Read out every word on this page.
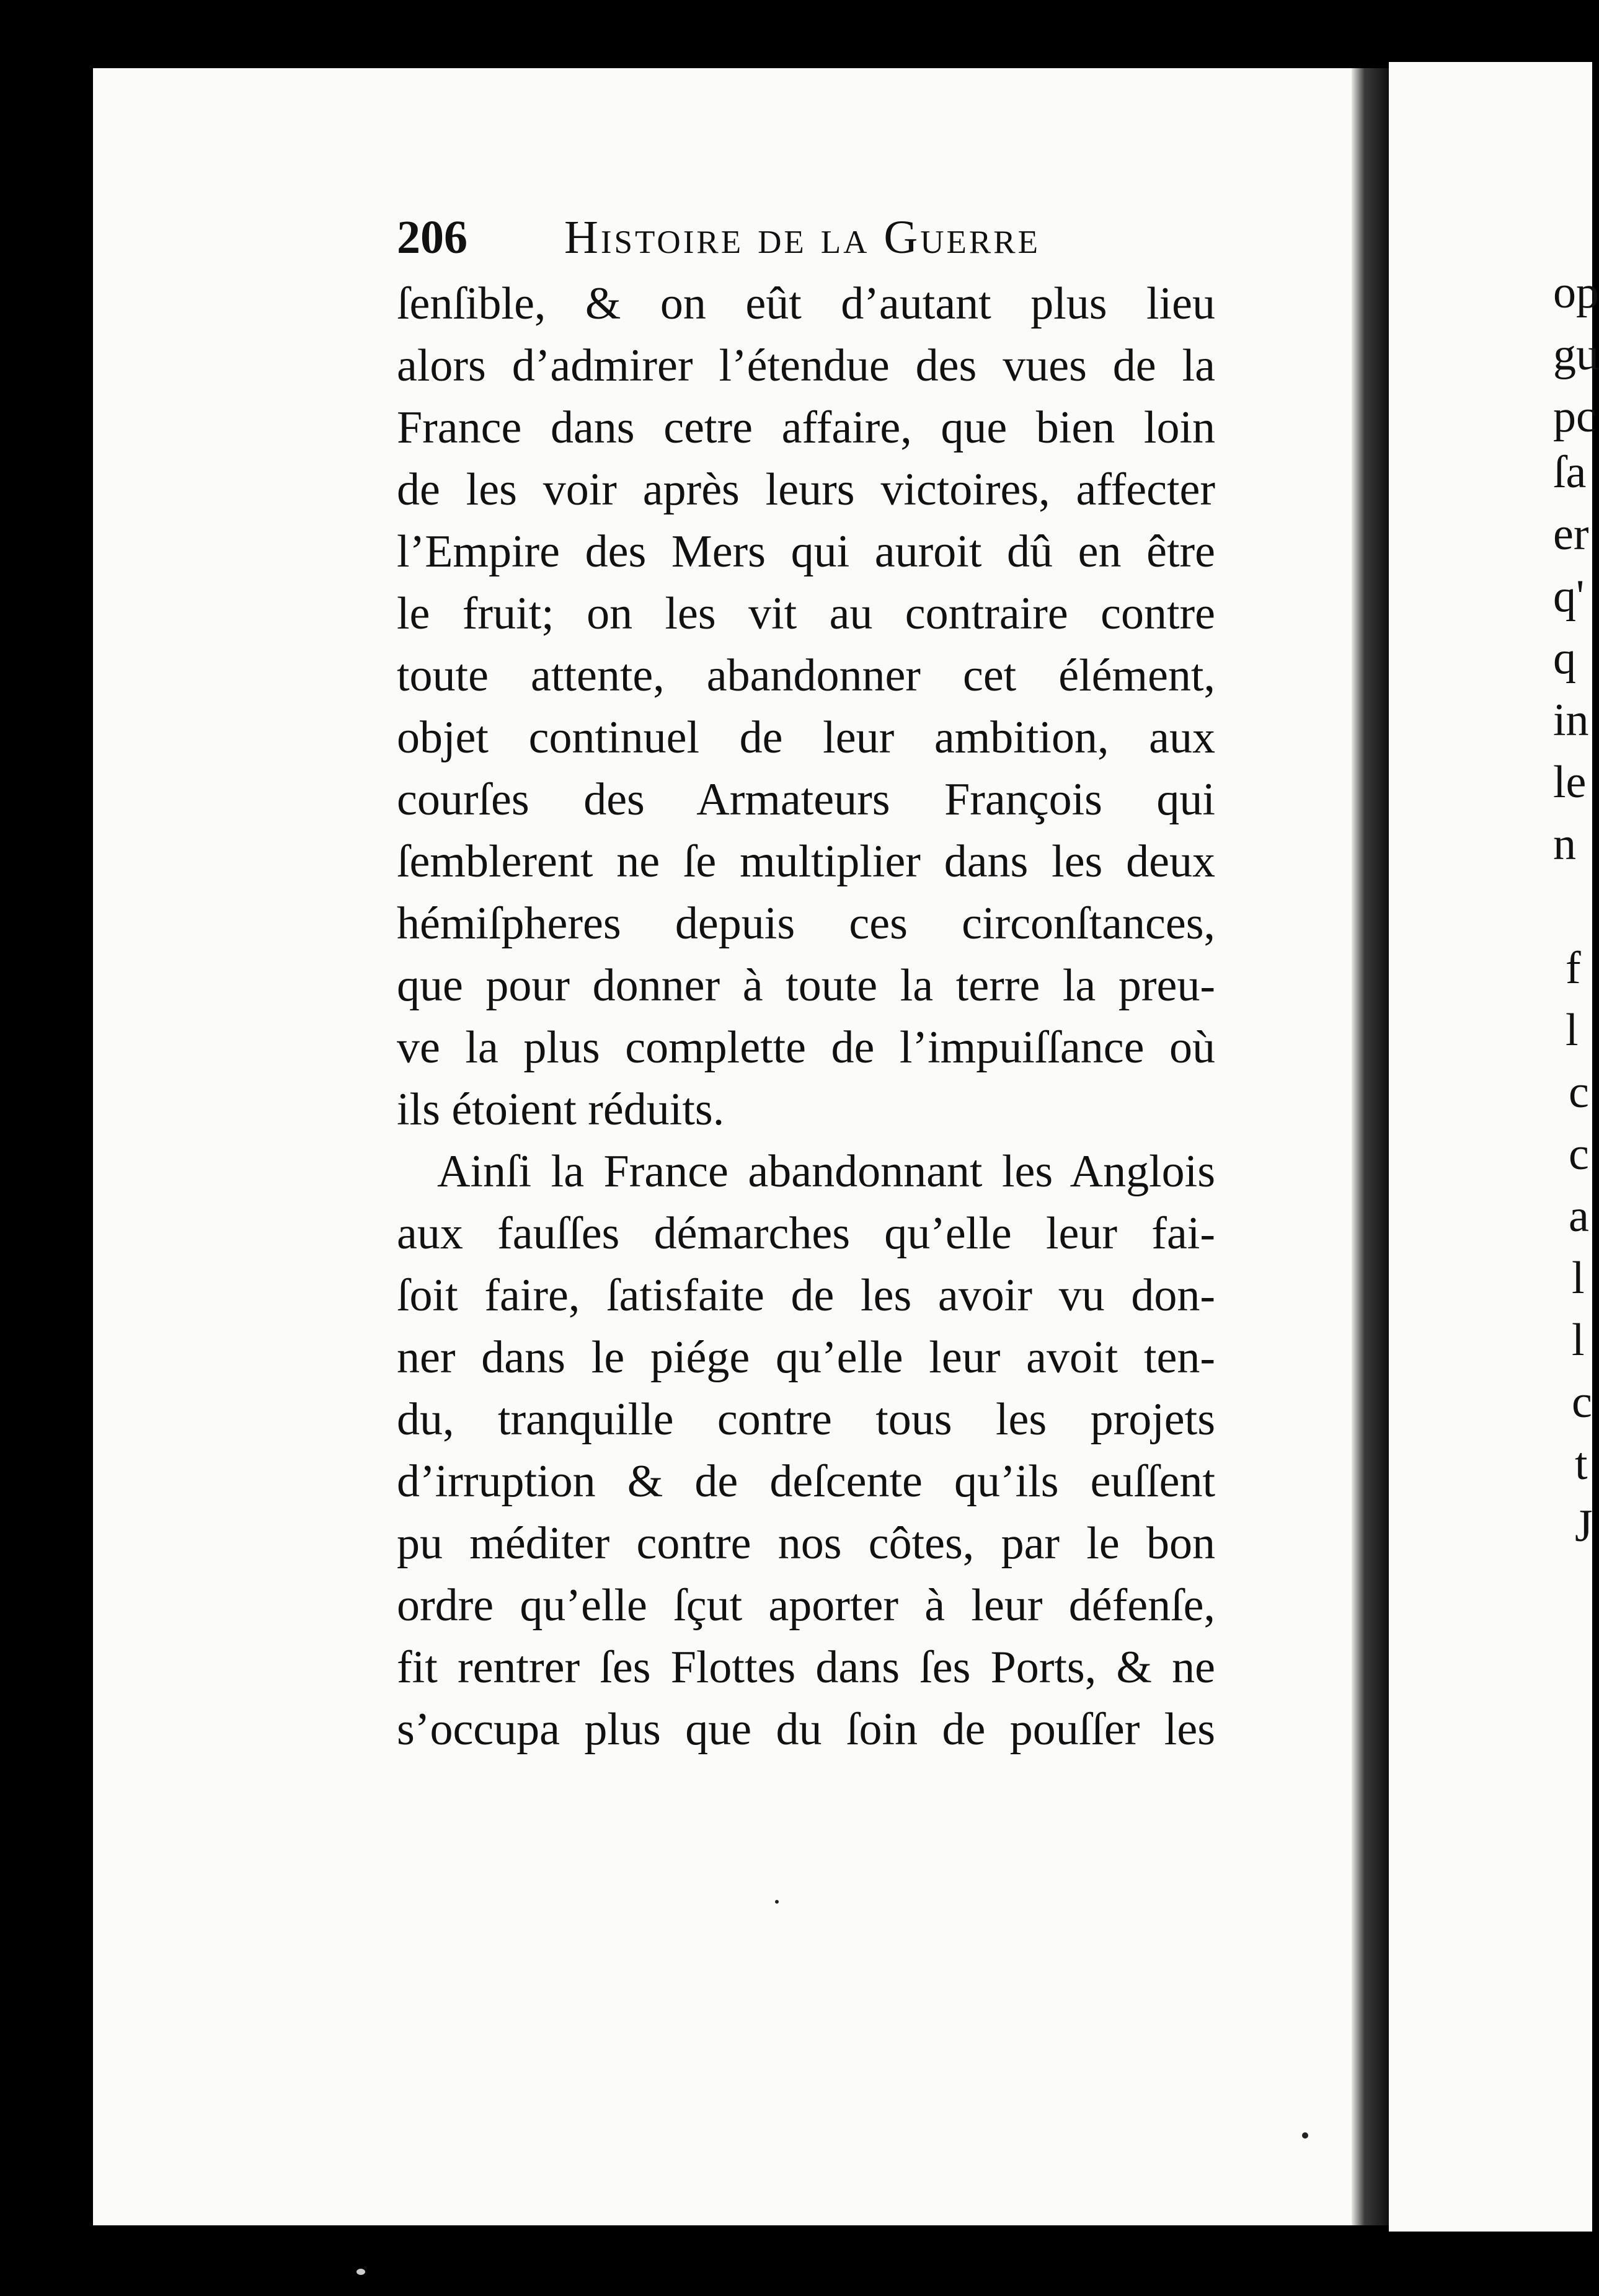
206 Histoire de la Guerre
ſenſible, & on eût d’autant plus lieu
alors d’admirer l’étendue des vues de la
France dans cetre affaire, que bien loin
de les voir après leurs victoires, affecter
l’Empire des Mers qui auroit dû en être
le fruit; on les vit au contraire contre
toute attente, abandonner cet élément,
objet continuel de leur ambition, aux
courſes des Armateurs François qui
ſemblerent ne ſe multiplier dans les deux
hémiſpheres depuis ces circonſtances,
que pour donner à toute la terre la preu-
ve la plus complette de l’impuiſſance où
ils étoient réduits.
Ainſi la France abandonnant les Anglois
aux fauſſes démarches qu’elle leur fai-
ſoit faire, ſatisfaite de les avoir vu don-
ner dans le piége qu’elle leur avoit ten-
du, tranquille contre tous les projets
d’irruption & de deſcente qu’ils euſſent
pu méditer contre nos côtes, par le bon
ordre qu’elle ſçut aporter à leur défenſe,
fit rentrer ſes Flottes dans ſes Ports, & ne
s’occupa plus que du ſoin de pouſſer les
op
gu
pc
ſa
er
q'
q
in
le
n
f
l
c
c
a
l
l
c
t
J
